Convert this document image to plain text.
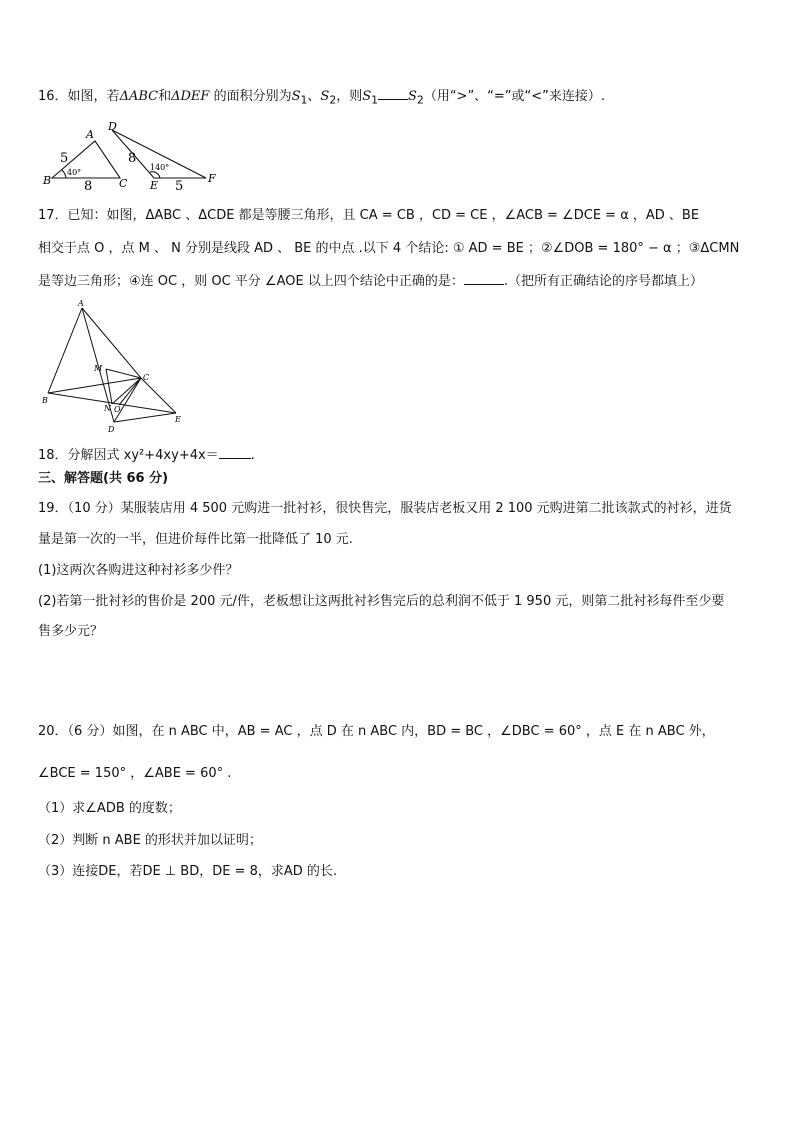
16．如图，若ΔABC和ΔDEF 的面积分别为$S_1$、$S_2$，则$S_1$ $S_2$（用“>”、“=”或“<”来连接）.
A
B	C
D
E
F
5
8
40°
8
5
140°
17．已知：如图，ΔABC 、ΔCDE 都是等腰三角形，且 CA = CB ，CD = CE ，∠ACB = ∠DCE = α ，AD 、BE
相交于点 O ，点 M 、 N 分别是线段 AD 、 BE 的中点 .以下 4 个结论: ① AD = BE ；②∠DOB = 180° − α ；③ΔCMN
是等边三角形；④连 OC ，则 OC 平分 ∠AOE 以上四个结论中正确的是：	.（把所有正确结论的序号都填上）
A
B
C
D
E
M
N O
18．分解因式 xy²+4xy+4x＝ .
三、解答题(共 66 分)
19．（10 分）某服装店用 4 500 元购进一批衬衫，很快售完，服装店老板又用 2 100 元购进第二批该款式的衬衫，进货
量是第一次的一半，但进价每件比第一批降低了 10 元.
(1)这两次各购进这种衬衫多少件？
(2)若第一批衬衫的售价是 200 元/件，老板想让这两批衬衫售完后的总利润不低于 1 950 元，则第二批衬衫每件至少要
售多少元？
20．（6 分）如图，在 n ABC 中，AB = AC ，点 D 在 n ABC 内，BD = BC ，∠DBC = 60° ，点 E 在 n ABC 外，
∠BCE = 150° ，∠ABE = 60° .
（1）求∠ADB 的度数；
（2）判断 n ABE 的形状并加以证明；
（3）连接DE，若DE ⊥ BD，DE = 8，求AD 的长.
